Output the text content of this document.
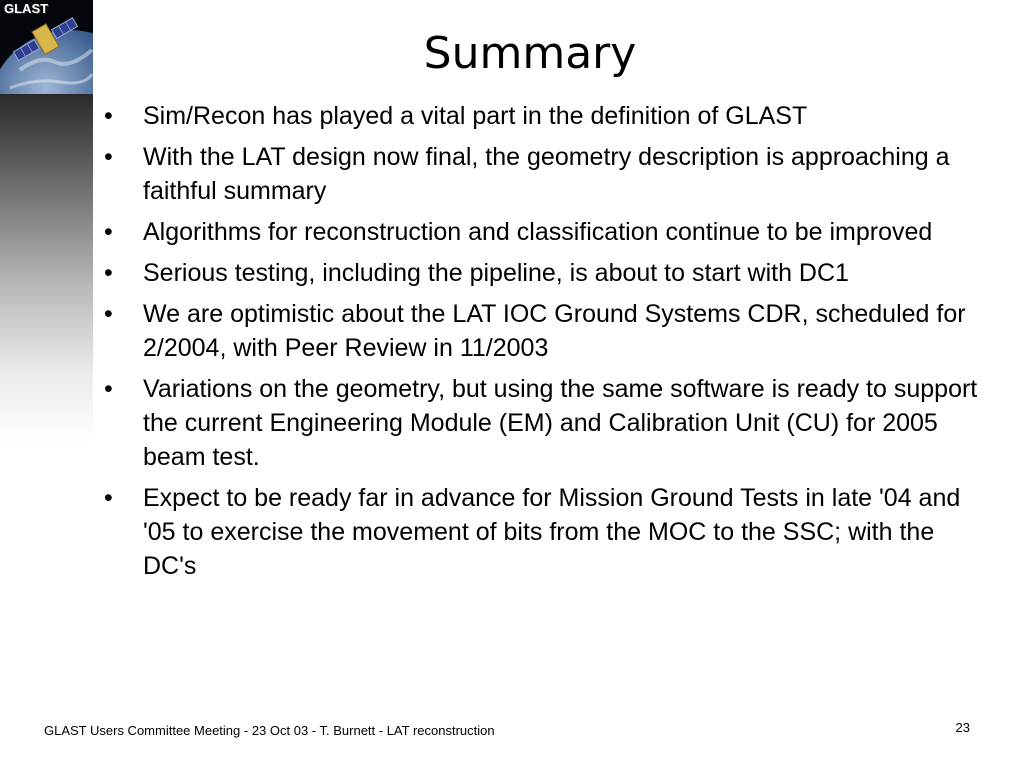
GLAST
Summary
•	Sim/Recon has played a vital part in the definition of GLAST
•	With the LAT design now final, the geometry description is approaching a faithful summary
•	Algorithms for reconstruction and classification continue to be improved
•	Serious testing, including the pipeline, is about to start with DC1
•	We are optimistic about the LAT IOC Ground Systems CDR, scheduled for 2/2004, with Peer Review in 11/2003
•	Variations on the geometry, but using the same software is ready to support the current Engineering Module (EM) and Calibration Unit (CU) for 2005 beam test.
•	Expect to be ready far in advance for Mission Ground Tests in late '04 and '05 to exercise the movement of bits from the MOC to the SSC; with the DC's
GLAST Users Committee Meeting - 23 Oct 03 - T. Burnett - LAT reconstruction	23
